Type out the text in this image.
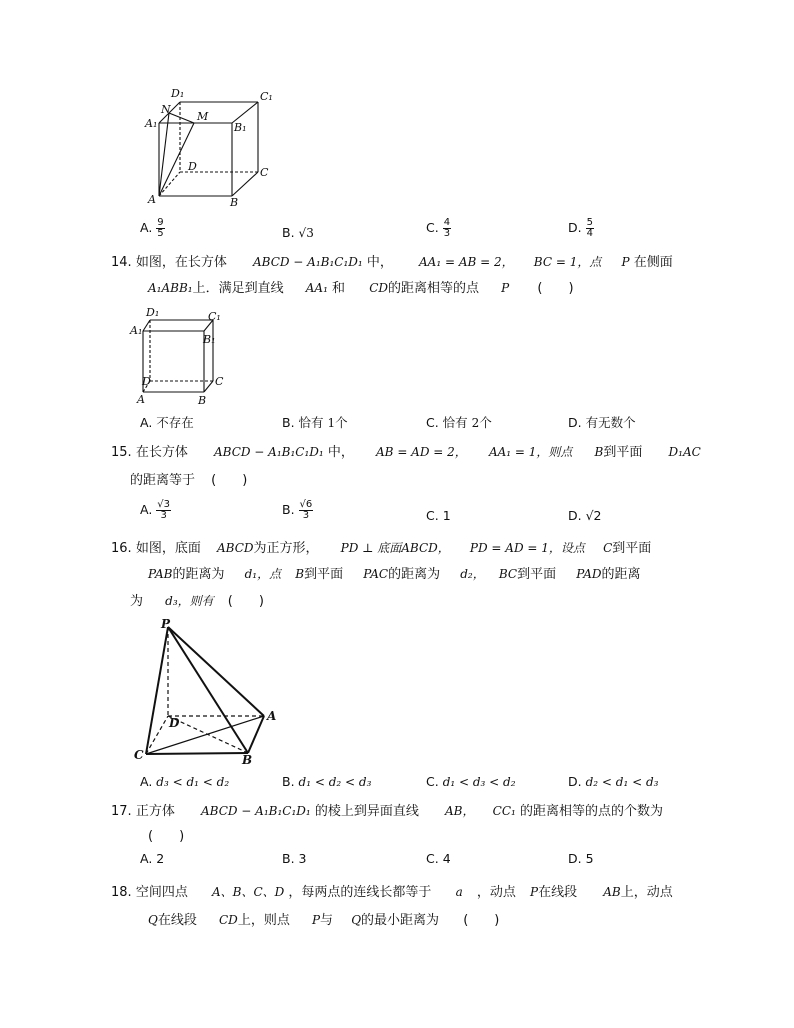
D₁	C₁
N
M
A₁	B₁
D	C
A	B
A. $\frac{9}{5}$	B. √3	C. $\frac{4}{3}$	D. $\frac{5}{4}$
14. 如图，在长方体 ABCD − A₁B₁C₁D₁ 中， AA₁ = AB = 2， BC = 1，点 P 在侧面
A₁ABB₁上．满足到直线 AA₁ 和 CD的距离相等的点 P (　　)
D₁	C₁
A₁
B₁
D	C
A	B
A. 不存在	B. 恰有 1个	C. 恰有 2个	D. 有无数个
15. 在长方体 ABCD − A₁B₁C₁D₁ 中， AB = AD = 2， AA₁ = 1，则点 B到平面 D₁AC
的距离等于 (　　)
A. $\frac{√3}{3}$	B. $\frac{√6}{3}$	C. 1	D. √2
16. 如图，底面 ABCD为正方形， PD ⊥ 底面ABCD， PD = AD = 1，设点 C到平面
PAB的距离为 d₁，点 B到平面 PAC的距离为 d₂， BC到平面 PAD的距离
为 d₃，则有 (　　)
P
D	A
C	B
A. d₃ < d₁ < d₂	B. d₁ < d₂ < d₃	C. d₁ < d₃ < d₂	D. d₂ < d₁ < d₃
17. 正方体 ABCD − A₁B₁C₁D₁ 的棱上到异面直线 AB， CC₁ 的距离相等的点的个数为
(　　)
A. 2	B. 3	C. 4	D. 5
18. 空间四点 A、B、C、D ，每两点的连线长都等于 a ，动点 P在线段 AB上，动点
Q在线段 CD上，则点 P与 Q的最小距离为 (　　)
